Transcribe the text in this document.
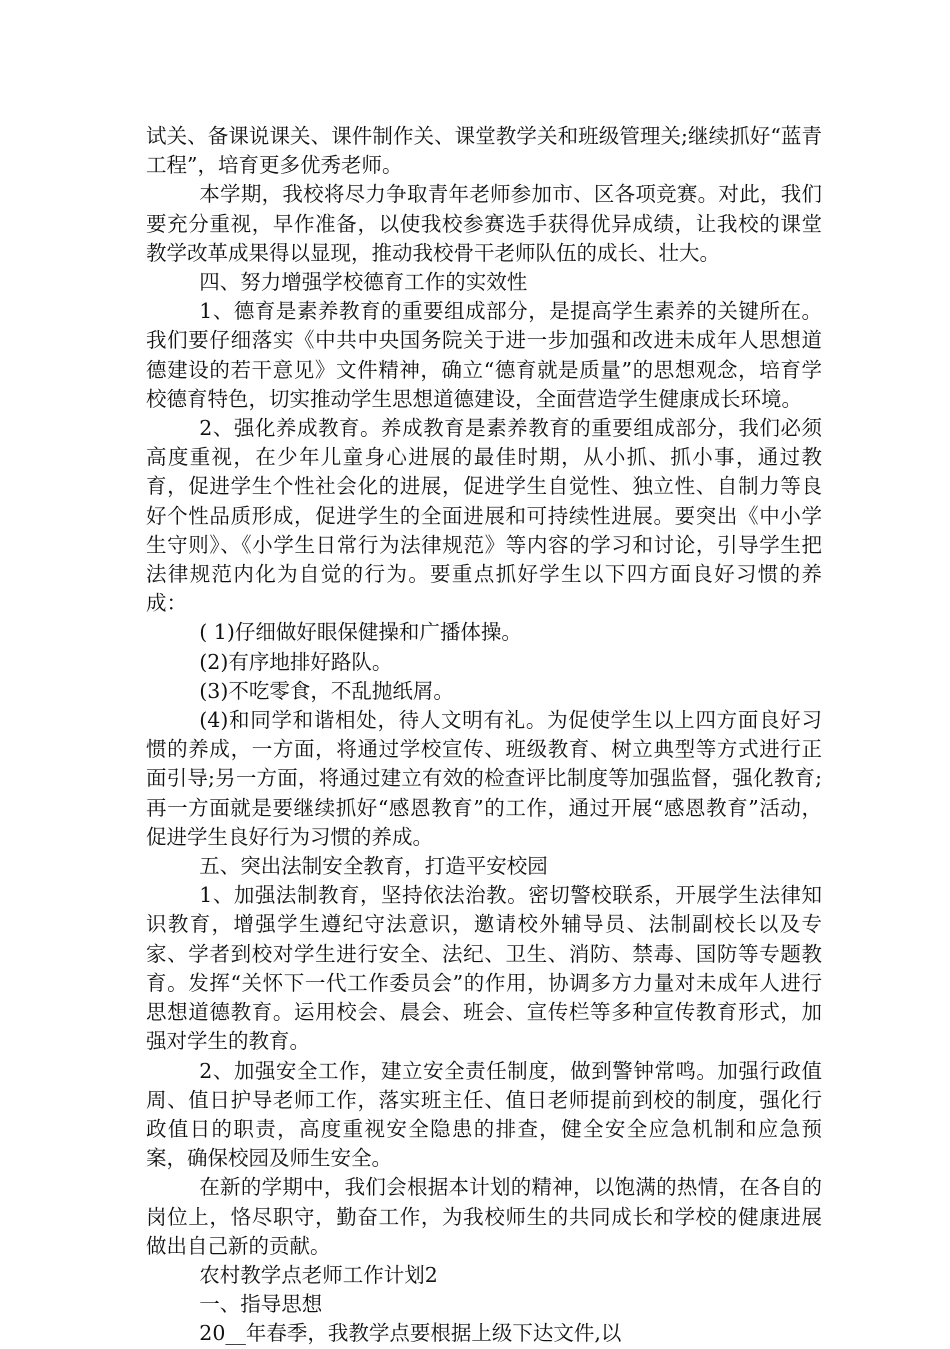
试关、备课说课关、课件制作关、课堂教学关和班级管理关;继续抓好“蓝青工程”，培育更多优秀老师。

本学期，我校将尽力争取青年老师参加市、区各项竞赛。对此，我们要充分重视，早作准备，以使我校参赛选手获得优异成绩，让我校的课堂教学改革成果得以显现，推动我校骨干老师队伍的成长、壮大。

四、努力增强学校德育工作的实效性

1、德育是素养教育的重要组成部分，是提高学生素养的关键所在。我们要仔细落实《中共中央国务院关于进一步加强和改进未成年人思想道德建设的若干意见》文件精神，确立“德育就是质量”的思想观念，培育学校德育特色，切实推动学生思想道德建设，全面营造学生健康成长环境。

2、强化养成教育。养成教育是素养教育的重要组成部分，我们必须高度重视，在少年儿童身心进展的最佳时期，从小抓、抓小事，通过教育，促进学生个性社会化的进展，促进学生自觉性、独立性、自制力等良好个性品质形成，促进学生的全面进展和可持续性进展。要突出《中小学生守则》、《小学生日常行为法律规范》等内容的学习和讨论，引导学生把法律规范内化为自觉的行为。要重点抓好学生以下四方面良好习惯的养成：

( 1)仔细做好眼保健操和广播体操。

(2)有序地排好路队。

(3)不吃零食，不乱抛纸屑。

(4)和同学和谐相处，待人文明有礼。为促使学生以上四方面良好习惯的养成，一方面，将通过学校宣传、班级教育、树立典型等方式进行正面引导;另一方面，将通过建立有效的检查评比制度等加强监督，强化教育;再一方面就是要继续抓好“感恩教育”的工作，通过开展“感恩教育”活动，促进学生良好行为习惯的养成。

五、突出法制安全教育，打造平安校园

1、加强法制教育，坚持依法治教。密切警校联系，开展学生法律知识教育，增强学生遵纪守法意识，邀请校外辅导员、法制副校长以及专家、学者到校对学生进行安全、法纪、卫生、消防、禁毒、国防等专题教育。发挥“关怀下一代工作委员会”的作用，协调多方力量对未成年人进行思想道德教育。运用校会、晨会、班会、宣传栏等多种宣传教育形式，加强对学生的教育。

2、加强安全工作，建立安全责任制度，做到警钟常鸣。加强行政值周、值日护导老师工作，落实班主任、值日老师提前到校的制度，强化行政值日的职责，高度重视安全隐患的排查，健全安全应急机制和应急预案，确保校园及师生安全。

在新的学期中，我们会根据本计划的精神，以饱满的热情，在各自的岗位上，恪尽职守，勤奋工作，为我校师生的共同成长和学校的健康进展做出自己新的贡献。

农村教学点老师工作计划2

一、指导思想

20__年春季，我教学点要根据上级下达文件,以
